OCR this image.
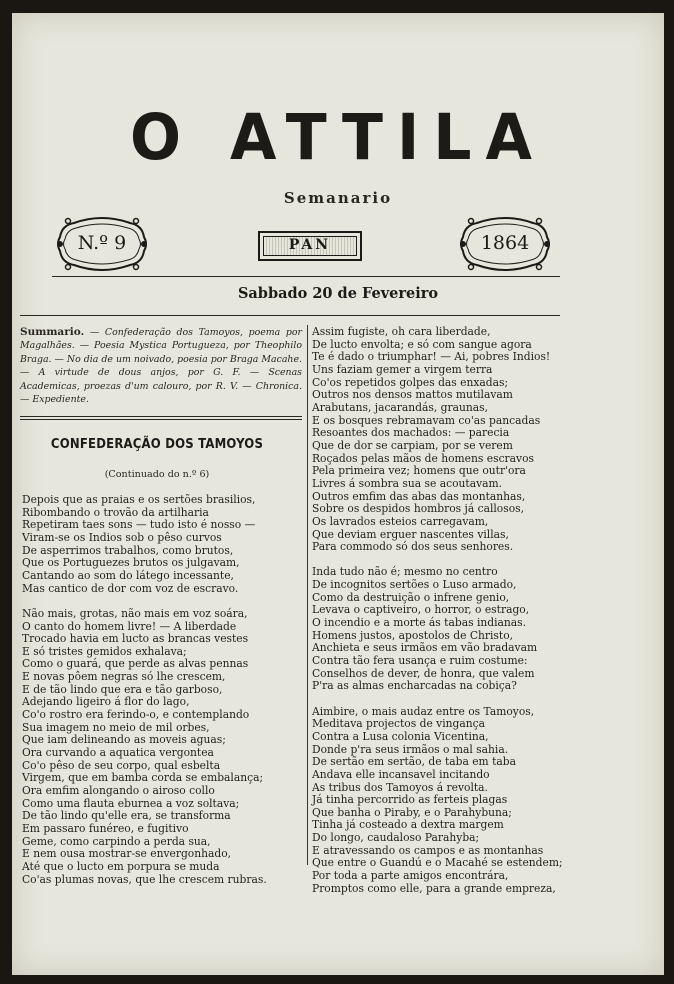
O ATTILA
Semanario
N.º 9	PAN	1864
Sabbado 20 de Fevereiro
Summario. — Confederação dos Tamoyos, poema por Magalhães. — Poesia Mystica Portugueza, por Theophilo Braga. — No dia de um noivado, poesia por Braga Macahe. — A virtude de dous anjos, por G. F. — Scenas Academicas, proezas d'um calouro, por R. V. — Chronica. — Expediente.
CONFEDERAÇÃO DOS TAMOYOS
(Continuado do n.º 6)
Depois que as praias e os sertões brasilios,
Ribombando o trovão da artilharia
Repetiram taes sons — tudo isto é nosso —
Viram-se os Indios sob o pêso curvos
De asperrimos trabalhos, como brutos,
Que os Portuguezes brutos os julgavam,
Cantando ao som do látego incessante,
Mas cantico de dor com voz de escravo.
Não mais, grotas, não mais em voz soára,
O canto do homem livre! — A liberdade
Trocado havia em lucto as brancas vestes
E só tristes gemidos exhalava;
Como o guará, que perde as alvas pennas
E novas pôem negras só lhe crescem,
E de tão lindo que era e tão garboso,
Adejando ligeiro á flor do lago,
Co'o rostro era ferindo-o, e contemplando
Sua imagem no meio de mil orbes,
Que iam delineando as moveis aguas;
Ora curvando a aquatica vergontea
Co'o pêso de seu corpo, qual esbelta
Virgem, que em bamba corda se embalança;
Ora emfim alongando o airoso collo
Como uma flauta eburnea a voz soltava;
De tão lindo qu'elle era, se transforma
Em passaro funéreo, e fugitivo
Geme, como carpindo a perda sua,
E nem ousa mostrar-se envergonhado,
Até que o lucto em porpura se muda
Co'as plumas novas, que lhe crescem rubras.
Assim fugiste, oh cara liberdade,
De lucto envolta; e só com sangue agora
Te é dado o triumphar! — Ai, pobres Indios!
Uns faziam gemer a virgem terra
Co'os repetidos golpes das enxadas;
Outros nos densos mattos mutilavam
Arabutans, jacarandás, graunas,
E os bosques rebramavam co'as pancadas
Resoantes dos machados: — parecia
Que de dor se carpiam, por se verem
Roçados pelas mãos de homens escravos
Pela primeira vez; homens que outr'ora
Livres á sombra sua se acoutavam.
Outros emfim das abas das montanhas,
Sobre os despidos hombros já callosos,
Os lavrados esteios carregavam,
Que deviam erguer nascentes villas,
Para commodo só dos seus senhores.
Inda tudo não é; mesmo no centro
De incognitos sertões o Luso armado,
Como da destruição o infrene genio,
Levava o captiveiro, o horror, o estrago,
O incendio e a morte ás tabas indianas.
Homens justos, apostolos de Christo,
Anchieta e seus irmãos em vão bradavam
Contra tão fera usança e ruim costume:
Conselhos de dever, de honra, que valem
P'ra as almas encharcadas na cobiça?
Aimbire, o mais audaz entre os Tamoyos,
Meditava projectos de vingança
Contra a Lusa colonia Vicentina,
Donde p'ra seus irmãos o mal sahia.
De sertão em sertão, de taba em taba
Andava elle incansavel incitando
As tribus dos Tamoyos á revolta.
Já tinha percorrido as ferteis plagas
Que banha o Piraby, e o Parahybuna;
Tinha já costeado a dextra margem
Do longo, caudaloso Parahyba;
E atravessando os campos e as montanhas
Que entre o Guandú e o Macahé se estendem;
Por toda a parte amigos encontrára,
Promptos como elle, para a grande empreza,
